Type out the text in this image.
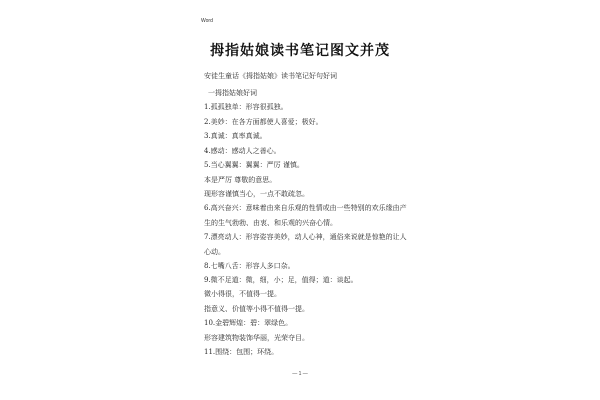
Word
拇指姑娘读书笔记图文并茂
安徒生童话《拇指姑娘》读书笔记好句好词
一拇指姑娘好词
1.孤孤独单：形容很孤独。
2.美妙：在各方面都使人喜爱；极好。
3.真诚：真率真诚。
4.感动：感动人之善心。
5.当心翼翼：翼翼：严厉 谨慎。
本是严厉 尊敬的意思。
现形容谨慎当心，一点不敢疏忽。
6.高兴奋兴：意味着由来自乐观的性情或由一些特别的欢乐缘由产
生的生气勃勃、由衷、和乐观的兴奋心情。
7.漂亮动人：形容姿容美妙，动人心神，通俗来说就是惊艳的让人
心动。
8.七嘴八舌：形容人多口杂。
9.微不足道：微，细，小；足，值得；道：谈起。
微小得很，不值得一提。
指意义、价值等小得不值得一提。
10.金碧辉煌：碧：翠绿色。
形容建筑物装饰华丽，光荣夺目。
11.围绕：包围；环绕。
— 1 —
